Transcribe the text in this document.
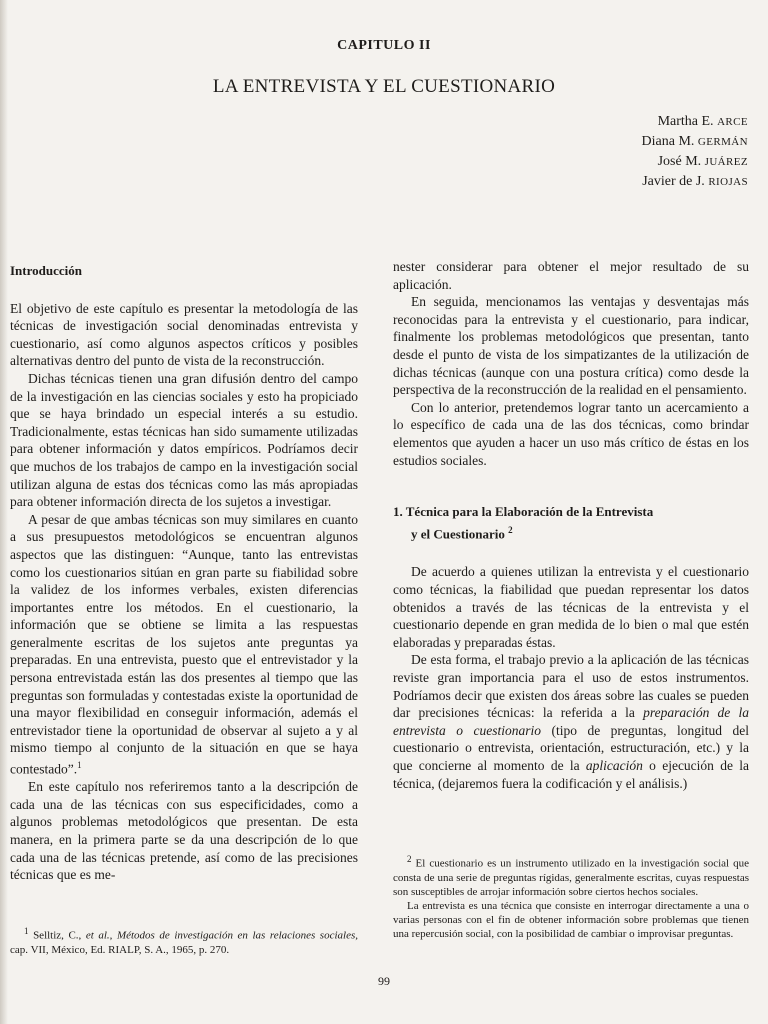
CAPITULO II
LA ENTREVISTA Y EL CUESTIONARIO
Martha E. ARCE
Diana M. GERMÁN
José M. JUÁREZ
Javier de J. RIOJAS
Introducción

El objetivo de este capítulo es presentar la metodología de las técnicas de investigación social denominadas entrevista y cuestionario, así como algunos aspectos críticos y posibles alternativas dentro del punto de vista de la reconstrucción.

Dichas técnicas tienen una gran difusión dentro del campo de la investigación en las ciencias sociales y esto ha propiciado que se haya brindado un especial interés a su estudio. Tradicionalmente, estas técnicas han sido sumamente utilizadas para obtener información y datos empíricos. Podríamos decir que muchos de los trabajos de campo en la investigación social utilizan alguna de estas dos técnicas como las más apropiadas para obtener información directa de los sujetos a investigar.

A pesar de que ambas técnicas son muy similares en cuanto a sus presupuestos metodológicos se encuentran algunos aspectos que las distinguen: “Aunque, tanto las entrevistas como los cuestionarios sitúan en gran parte su fiabilidad sobre la validez de los informes verbales, existen diferencias importantes entre los métodos. En el cuestionario, la información que se obtiene se limita a las respuestas generalmente escritas de los sujetos ante preguntas ya preparadas. En una entrevista, puesto que el entrevistador y la persona entrevistada están las dos presentes al tiempo que las preguntas son formuladas y contestadas existe la oportunidad de una mayor flexibilidad en conseguir información, además el entrevistador tiene la oportunidad de observar al sujeto a y al mismo tiempo al conjunto de la situación en que se haya contestado”.$^1$

En este capítulo nos referiremos tanto a la descripción de cada una de las técnicas con sus especificidades, como a algunos problemas metodológicos que presentan. De esta manera, en la primera parte se da una descripción de lo que cada una de las técnicas pretende, así como de las precisiones técnicas que es me-

$^1$ Selltiz, C., et al., Métodos de investigación en las relaciones sociales, cap. VII, México, Ed. RIALP, S. A., 1965, p. 270.

nester considerar para obtener el mejor resultado de su aplicación.

En seguida, mencionamos las ventajas y desventajas más reconocidas para la entrevista y el cuestionario, para indicar, finalmente los problemas metodológicos que presentan, tanto desde el punto de vista de los simpatizantes de la utilización de dichas técnicas (aunque con una postura crítica) como desde la perspectiva de la reconstrucción de la realidad en el pensamiento.

Con lo anterior, pretendemos lograr tanto un acercamiento a lo específico de cada una de las dos técnicas, como brindar elementos que ayuden a hacer un uso más crítico de éstas en los estudios sociales.

1. Técnica para la Elaboración de la Entrevista
y el Cuestionario $^2$

De acuerdo a quienes utilizan la entrevista y el cuestionario como técnicas, la fiabilidad que puedan representar los datos obtenidos a través de las técnicas de la entrevista y el cuestionario depende en gran medida de lo bien o mal que estén elaboradas y preparadas éstas.

De esta forma, el trabajo previo a la aplicación de las técnicas reviste gran importancia para el uso de estos instrumentos. Podríamos decir que existen dos áreas sobre las cuales se pueden dar precisiones técnicas: la referida a la preparación de la entrevista o cuestionario (tipo de preguntas, longitud del cuestionario o entrevista, orientación, estructuración, etc.) y la que concierne al momento de la aplicación o ejecución de la técnica, (dejaremos fuera la codificación y el análisis.)

$^2$ El cuestionario es un instrumento utilizado en la investigación social que consta de una serie de preguntas rígidas, generalmente escritas, cuyas respuestas son susceptibles de arrojar información sobre ciertos hechos sociales.

La entrevista es una técnica que consiste en interrogar directamente a una o varias personas con el fin de obtener información sobre problemas que tienen una repercusión social, con la posibilidad de cambiar o improvisar preguntas.

99
